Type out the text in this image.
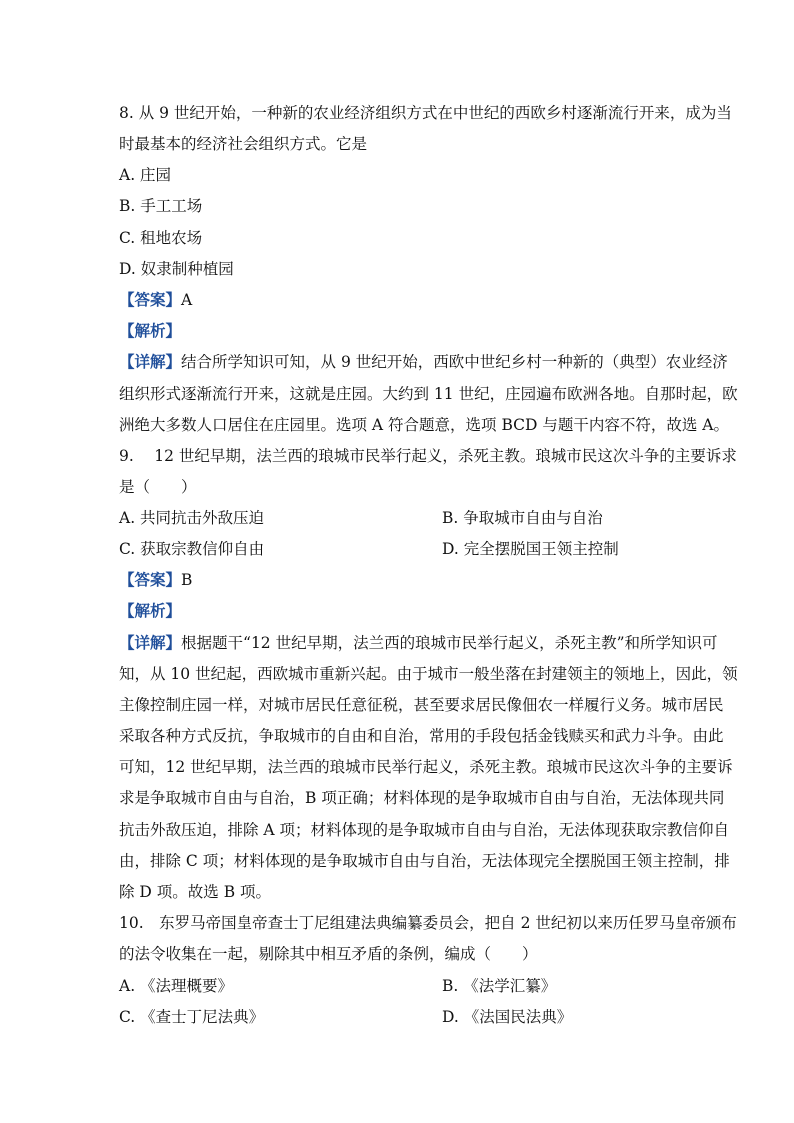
8. 从 9 世纪开始，一种新的农业经济组织方式在中世纪的西欧乡村逐渐流行开来，成为当
时最基本的经济社会组织方式。它是
A. 庄园
B. 手工工场
C. 租地农场
D. 奴隶制种植园
【答案】A
【解析】
【详解】结合所学知识可知，从 9 世纪开始，西欧中世纪乡村一种新的（典型）农业经济
组织形式逐渐流行开来，这就是庄园。大约到 11 世纪，庄园遍布欧洲各地。自那时起，欧
洲绝大多数人口居住在庄园里。选项 A 符合题意，选项 BCD 与题干内容不符，故选 A。
9.　 12 世纪早期，法兰西的琅城市民举行起义，杀死主教。琅城市民这次斗争的主要诉求
是（　　）
A. 共同抗击外敌压迫	B. 争取城市自由与自治
C. 获取宗教信仰自由	D. 完全摆脱国王领主控制
【答案】B
【解析】
【详解】根据题干“12 世纪早期，法兰西的琅城市民举行起义，杀死主教”和所学知识可
知，从 10 世纪起，西欧城市重新兴起。由于城市一般坐落在封建领主的领地上，因此，领
主像控制庄园一样，对城市居民任意征税，甚至要求居民像佃农一样履行义务。城市居民
采取各种方式反抗，争取城市的自由和自治，常用的手段包括金钱赎买和武力斗争。由此
可知，12 世纪早期，法兰西的琅城市民举行起义，杀死主教。琅城市民这次斗争的主要诉
求是争取城市自由与自治，B 项正确；材料体现的是争取城市自由与自治，无法体现共同
抗击外敌压迫，排除 A 项；材料体现的是争取城市自由与自治，无法体现获取宗教信仰自
由，排除 C 项；材料体现的是争取城市自由与自治，无法体现完全摆脱国王领主控制，排
除 D 项。故选 B 项。
10.　东罗马帝国皇帝查士丁尼组建法典编纂委员会，把自 2 世纪初以来历任罗马皇帝颁布
的法令收集在一起，剔除其中相互矛盾的条例，编成（　　）
A. 《法理概要》	B. 《法学汇纂》
C. 《查士丁尼法典》	D. 《法国民法典》
